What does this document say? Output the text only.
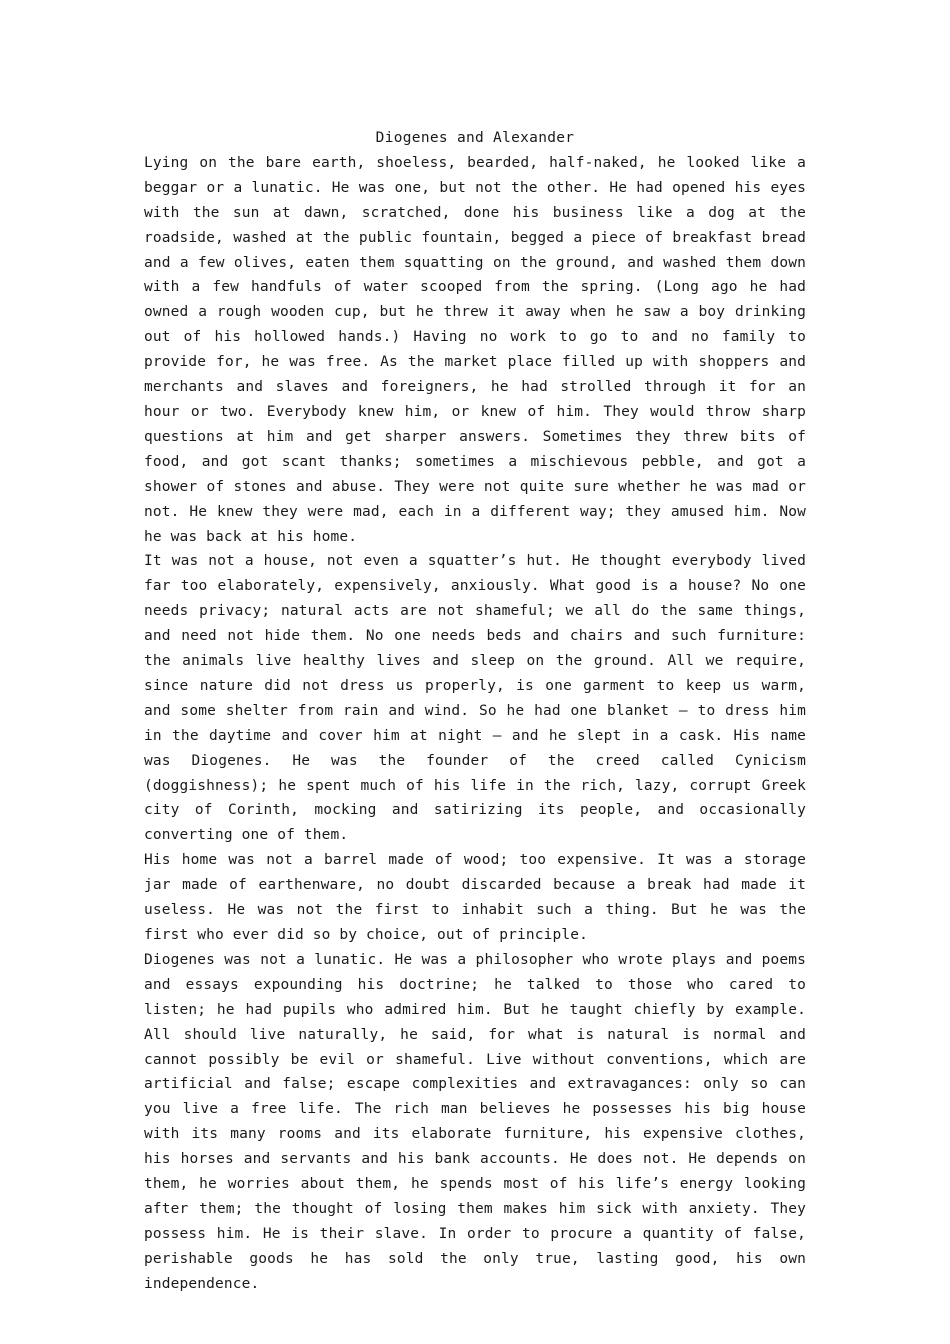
Diogenes and Alexander

Lying on the bare earth, shoeless, bearded, half-naked, he looked like a beggar or a lunatic. He was one, but not the other. He had opened his eyes with the sun at dawn, scratched, done his business like a dog at the roadside, washed at the public fountain, begged a piece of breakfast bread and a few olives, eaten them squatting on the ground, and washed them down with a few handfuls of water scooped from the spring. (Long ago he had owned a rough wooden cup, but he threw it away when he saw a boy drinking out of his hollowed hands.) Having no work to go to and no family to provide for, he was free. As the market place filled up with shoppers and merchants and slaves and foreigners, he had strolled through it for an hour or two. Everybody knew him, or knew of him. They would throw sharp questions at him and get sharper answers. Sometimes they threw bits of food, and got scant thanks; sometimes a mischievous pebble, and got a shower of stones and abuse. They were not quite sure whether he was mad or not. He knew they were mad, each in a different way; they amused him. Now he was back at his home.

It was not a house, not even a squatter’s hut. He thought everybody lived far too elaborately, expensively, anxiously. What good is a house? No one needs privacy; natural acts are not shameful; we all do the same things, and need not hide them. No one needs beds and chairs and such furniture: the animals live healthy lives and sleep on the ground. All we require, since nature did not dress us properly, is one garment to keep us warm, and some shelter from rain and wind. So he had one blanket — to dress him in the daytime and cover him at night — and he slept in a cask. His name was Diogenes. He was the founder of the creed called Cynicism (doggishness); he spent much of his life in the rich, lazy, corrupt Greek city of Corinth, mocking and satirizing its people, and occasionally converting one of them.

His home was not a barrel made of wood; too expensive. It was a storage jar made of earthenware, no doubt discarded because a break had made it useless. He was not the first to inhabit such a thing. But he was the first who ever did so by choice, out of principle.

Diogenes was not a lunatic. He was a philosopher who wrote plays and poems and essays expounding his doctrine; he talked to those who cared to listen; he had pupils who admired him. But he taught chiefly by example. All should live naturally, he said, for what is natural is normal and cannot possibly be evil or shameful. Live without conventions, which are artificial and false; escape complexities and extravagances: only so can you live a free life. The rich man believes he possesses his big house with its many rooms and its elaborate furniture, his expensive clothes, his horses and servants and his bank accounts. He does not. He depends on them, he worries about them, he spends most of his life’s energy looking after them; the thought of losing them makes him sick with anxiety. They possess him. He is their slave. In order to procure a quantity of false, perishable goods he has sold the only true, lasting good, his own independence.
